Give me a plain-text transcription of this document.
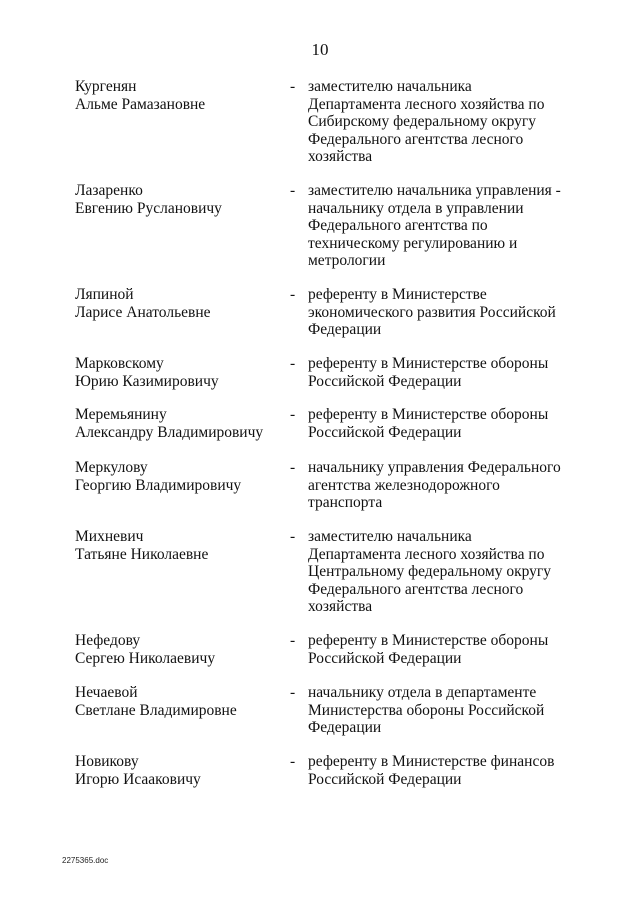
10
Кургенян
Альме Рамазановне
- заместителю начальника
Департамента лесного хозяйства по
Сибирскому федеральному округу
Федерального агентства лесного
хозяйства
Лазаренко
Евгению Руслановичу
- заместителю начальника управления -
начальнику отдела в управлении
Федерального агентства по
техническому регулированию и
метрологии
Ляпиной
Ларисе Анатольевне
- референту в Министерстве
экономического развития Российской
Федерации
Марковскому
Юрию Казимировичу
- референту в Министерстве обороны
Российской Федерации
Меремьянину
Александру Владимировичу
- референту в Министерстве обороны
Российской Федерации
Меркулову
Георгию Владимировичу
- начальнику управления Федерального
агентства железнодорожного
транспорта
Михневич
Татьяне Николаевне
- заместителю начальника
Департамента лесного хозяйства по
Центральному федеральному округу
Федерального агентства лесного
хозяйства
Нефедову
Сергею Николаевичу
- референту в Министерстве обороны
Российской Федерации
Нечаевой
Светлане Владимировне
- начальнику отдела в департаменте
Министерства обороны Российской
Федерации
Новикову
Игорю Исааковичу
- референту в Министерстве финансов
Российской Федерации
2275365.doc
